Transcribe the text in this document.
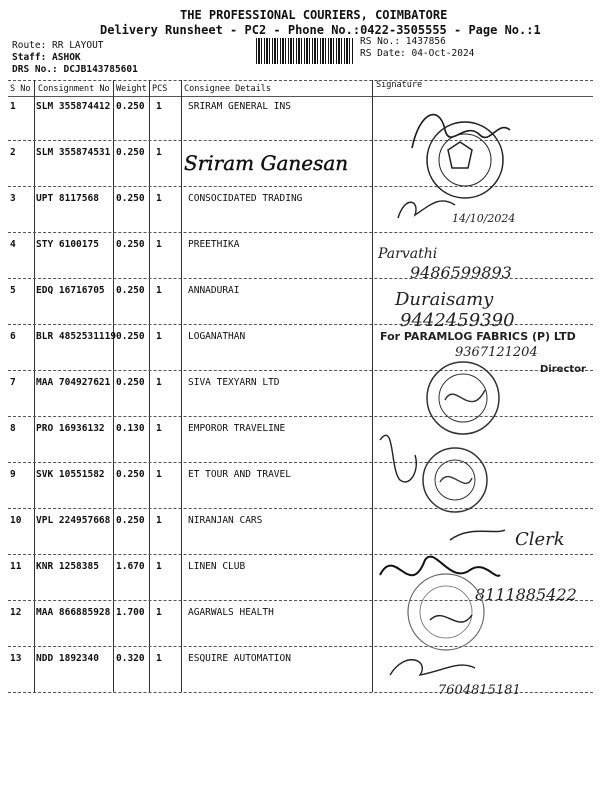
THE PROFESSIONAL COURIERS, COIMBATORE
Delivery Runsheet - PC2 - Phone No.:0422-3505555 - Page No.:1
Route: RR LAYOUT
Staff: ASHOK
DRS No.: DCJB143785601
RS No.: 1437856
RS Date: 04-Oct-2024
S No Consignment No Weight PCS Consignee Details	Signature
1 SLM 355874412 0.250 1	SRIRAM GENERAL INS
2 SLM 355874531 0.250 1
3 UPT 8117568 0.250 1	CONSOCIDATED TRADING
4 STY 6100175 0.250 1	PREETHIKA
5 EDQ 16716705 0.250 1	ANNADURAI
6 BLR 4852531119 0.250 1	LOGANATHAN
7 MAA 704927621 0.250 1	SIVA TEXYARN LTD
8 PRO 16936132 0.130 1	EMPOROR TRAVELINE
9 SVK 10551582 0.250 1	ET TOUR AND TRAVEL
10 VPL 224957668 0.250 1	NIRANJAN CARS
11 KNR 1258385 1.670 1	LINEN CLUB
12 MAA 866885928 1.700 1	AGARWALS HEALTH
13 NDD 1892340 0.320 1	ESQUIRE AUTOMATION
Sriram Ganesan
14/10/2024
Parvathi
9486599893
Duraisamy
9442459390
For PARAMLOG FABRICS (P) LTD
9367121204
Director
Clerk
8111885422
7604815181
